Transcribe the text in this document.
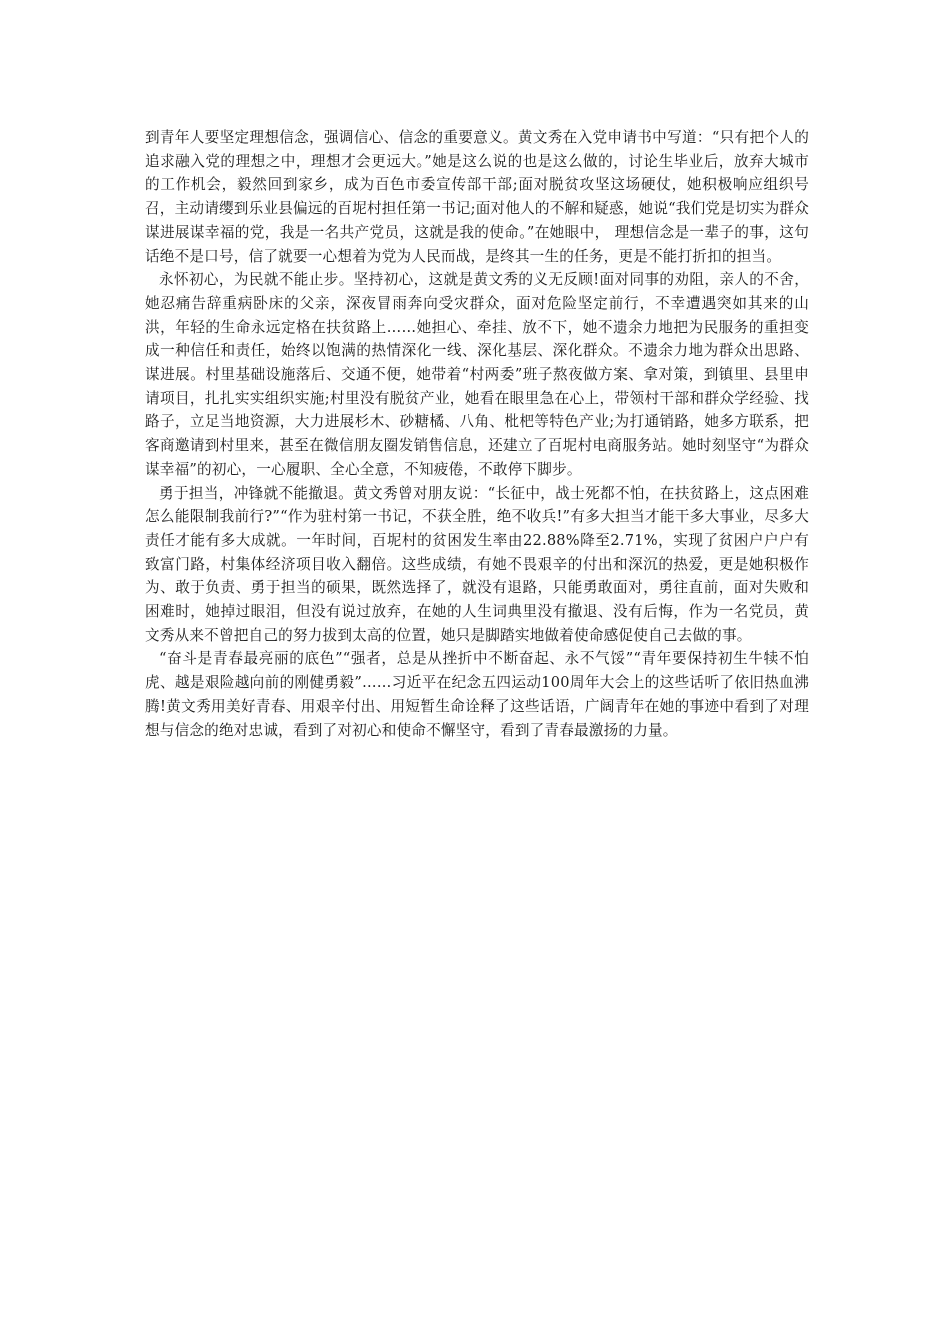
到青年人要坚定理想信念，强调信心、信念的重要意义。黄文秀在入党申请书中写道：“只有把个人的追求融入党的理想之中，理想才会更远大。”她是这么说的也是这么做的，讨论生毕业后，放弃大城市的工作机会，毅然回到家乡，成为百色市委宣传部干部;面对脱贫攻坚这场硬仗，她积极响应组织号召，主动请缨到乐业县偏远的百坭村担任第一书记;面对他人的不解和疑惑，她说“我们党是切实为群众谋进展谋幸福的党，我是一名共产党员，这就是我的使命。”在她眼中， 理想信念是一辈子的事，这句话绝不是口号，信了就要一心想着为党为人民而战，是终其一生的任务，更是不能打折扣的担当。

永怀初心，为民就不能止步。坚持初心，这就是黄文秀的义无反顾!面对同事的劝阻，亲人的不舍，她忍痛告辞重病卧床的父亲，深夜冒雨奔向受灾群众，面对危险坚定前行，不幸遭遇突如其来的山洪，年轻的生命永远定格在扶贫路上……她担心、牵挂、放不下，她不遗余力地把为民服务的重担变成一种信任和责任，始终以饱满的热情深化一线、深化基层、深化群众。不遗余力地为群众出思路、谋进展。村里基础设施落后、交通不便，她带着“村两委”班子熬夜做方案、拿对策，到镇里、县里申请项目，扎扎实实组织实施;村里没有脱贫产业，她看在眼里急在心上，带领村干部和群众学经验、找路子，立足当地资源，大力进展杉木、砂糖橘、八角、枇杷等特色产业;为打通销路，她多方联系，把客商邀请到村里来，甚至在微信朋友圈发销售信息，还建立了百坭村电商服务站。她时刻坚守“为群众谋幸福”的初心，一心履职、全心全意，不知疲倦，不敢停下脚步。

勇于担当，冲锋就不能撤退。黄文秀曾对朋友说：“长征中，战士死都不怕，在扶贫路上，这点困难怎么能限制我前行?”“作为驻村第一书记，不获全胜，绝不收兵!”有多大担当才能干多大事业，尽多大责任才能有多大成就。一年时间，百坭村的贫困发生率由22.88%降至2.71%，实现了贫困户户户有致富门路，村集体经济项目收入翻倍。这些成绩，有她不畏艰辛的付出和深沉的热爱，更是她积极作为、敢于负责、勇于担当的硕果，既然选择了，就没有退路，只能勇敢面对，勇往直前，面对失败和困难时，她掉过眼泪，但没有说过放弃，在她的人生词典里没有撤退、没有后悔，作为一名党员，黄文秀从来不曾把自己的努力拔到太高的位置，她只是脚踏实地做着使命感促使自己去做的事。

“奋斗是青春最亮丽的底色”“强者，总是从挫折中不断奋起、永不气馁”“青年要保持初生牛犊不怕虎、越是艰险越向前的刚健勇毅”……习近平在纪念五四运动100周年大会上的这些话听了依旧热血沸腾!黄文秀用美好青春、用艰辛付出、用短暂生命诠释了这些话语，广阔青年在她的事迹中看到了对理想与信念的绝对忠诚，看到了对初心和使命不懈坚守，看到了青春最激扬的力量。
